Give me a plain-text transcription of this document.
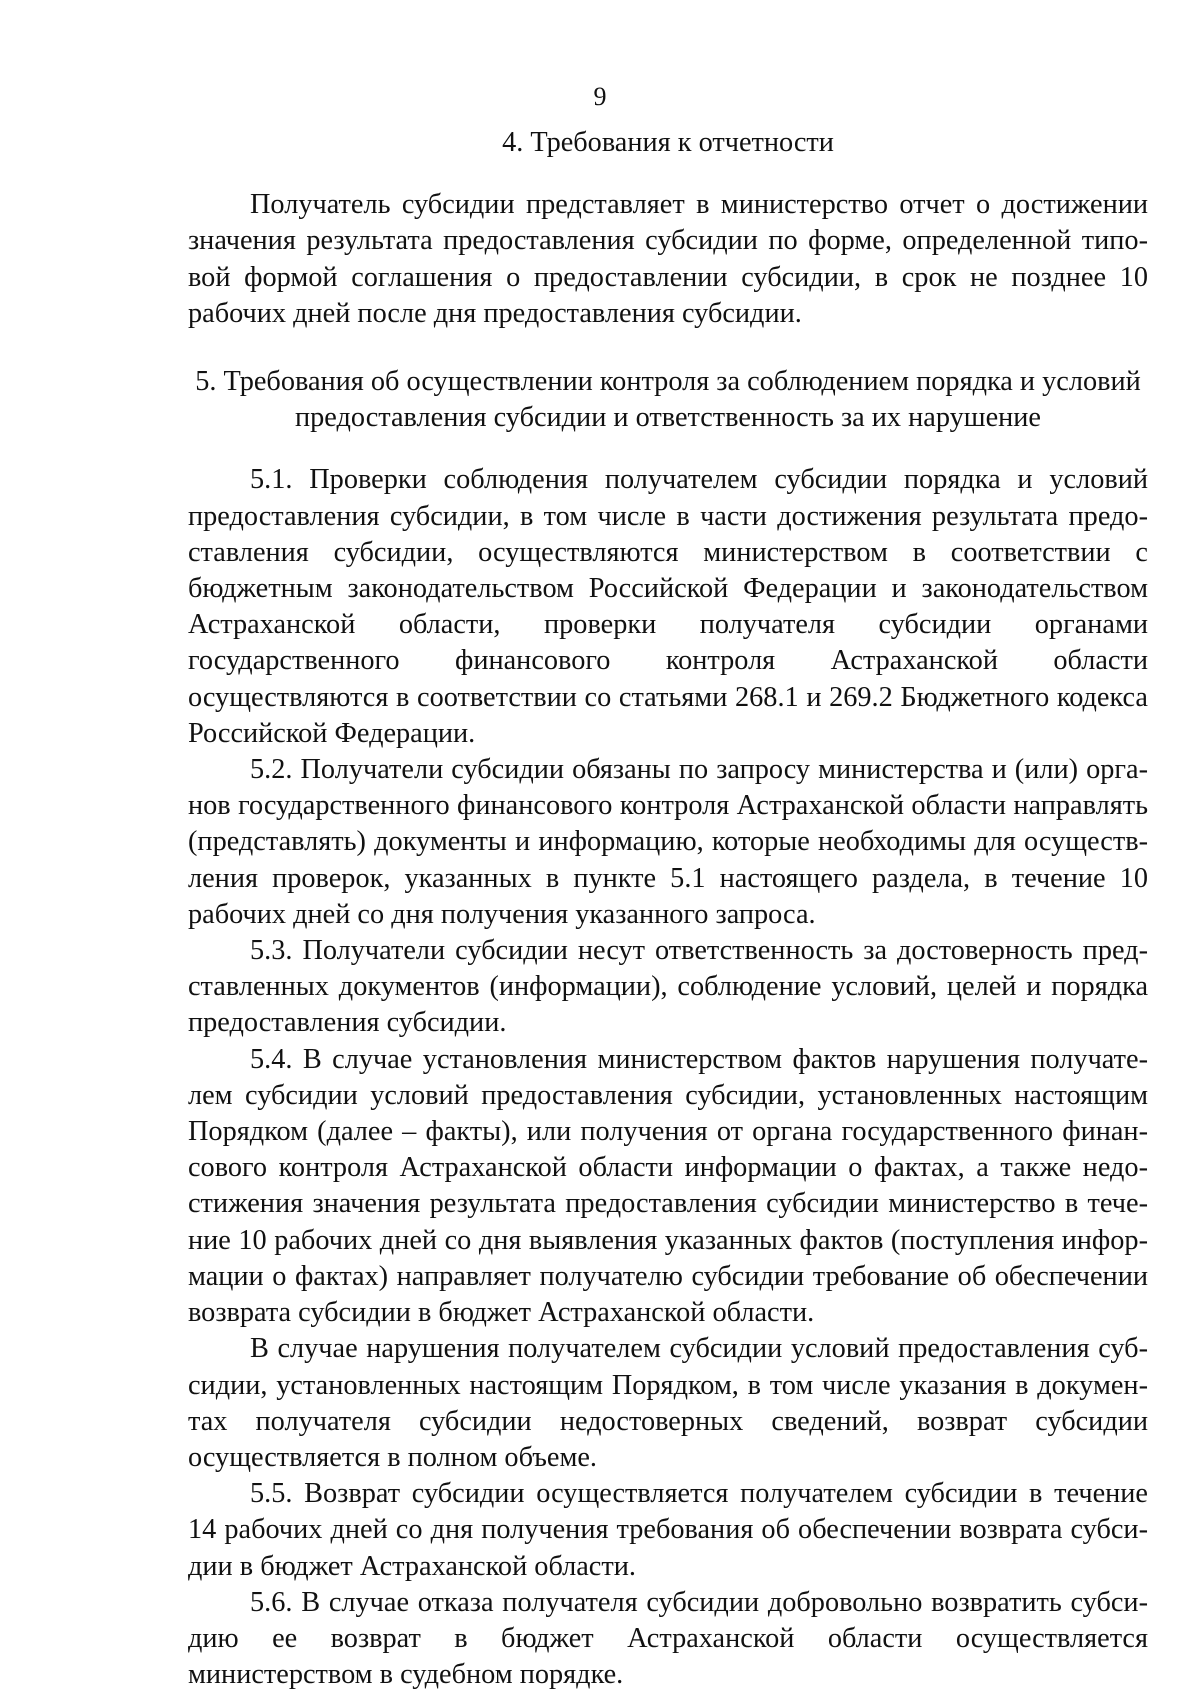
9

4. Требования к отчетности

Получатель субсидии представляет в министерство отчет о достижении значения результата предоставления субсидии по форме, определенной типовой формой соглашения о предоставлении субсидии, в срок не позднее 10 рабочих дней после дня предоставления субсидии.

5. Требования об осуществлении контроля за соблюдением порядка и условий
предоставления субсидии и ответственность за их нарушение

5.1. Проверки соблюдения получателем субсидии порядка и условий предоставления субсидии, в том числе в части достижения результата предоставления субсидии, осуществляются министерством в соответствии с бюджетным законодательством Российской Федерации и законодательством Астраханской области, проверки получателя субсидии органами государственного финансового контроля Астраханской области осуществляются в соответствии со статьями 268.1 и 269.2 Бюджетного кодекса Российской Федерации.

5.2. Получатели субсидии обязаны по запросу министерства и (или) органов государственного финансового контроля Астраханской области направлять (представлять) документы и информацию, которые необходимы для осуществления проверок, указанных в пункте 5.1 настоящего раздела, в течение 10 рабочих дней со дня получения указанного запроса.

5.3. Получатели субсидии несут ответственность за достоверность представленных документов (информации), соблюдение условий, целей и порядка предоставления субсидии.

5.4. В случае установления министерством фактов нарушения получателем субсидии условий предоставления субсидии, установленных настоящим Порядком (далее – факты), или получения от органа государственного финансового контроля Астраханской области информации о фактах, а также недостижения значения результата предоставления субсидии министерство в течение 10 рабочих дней со дня выявления указанных фактов (поступления информации о фактах) направляет получателю субсидии требование об обеспечении возврата субсидии в бюджет Астраханской области.

В случае нарушения получателем субсидии условий предоставления субсидии, установленных настоящим Порядком, в том числе указания в документах получателя субсидии недостоверных сведений, возврат субсидии осуществляется в полном объеме.

5.5. Возврат субсидии осуществляется получателем субсидии в течение 14 рабочих дней со дня получения требования об обеспечении возврата субсидии в бюджет Астраханской области.

5.6. В случае отказа получателя субсидии добровольно возвратить субсидию ее возврат в бюджет Астраханской области осуществляется министерством в судебном порядке.
